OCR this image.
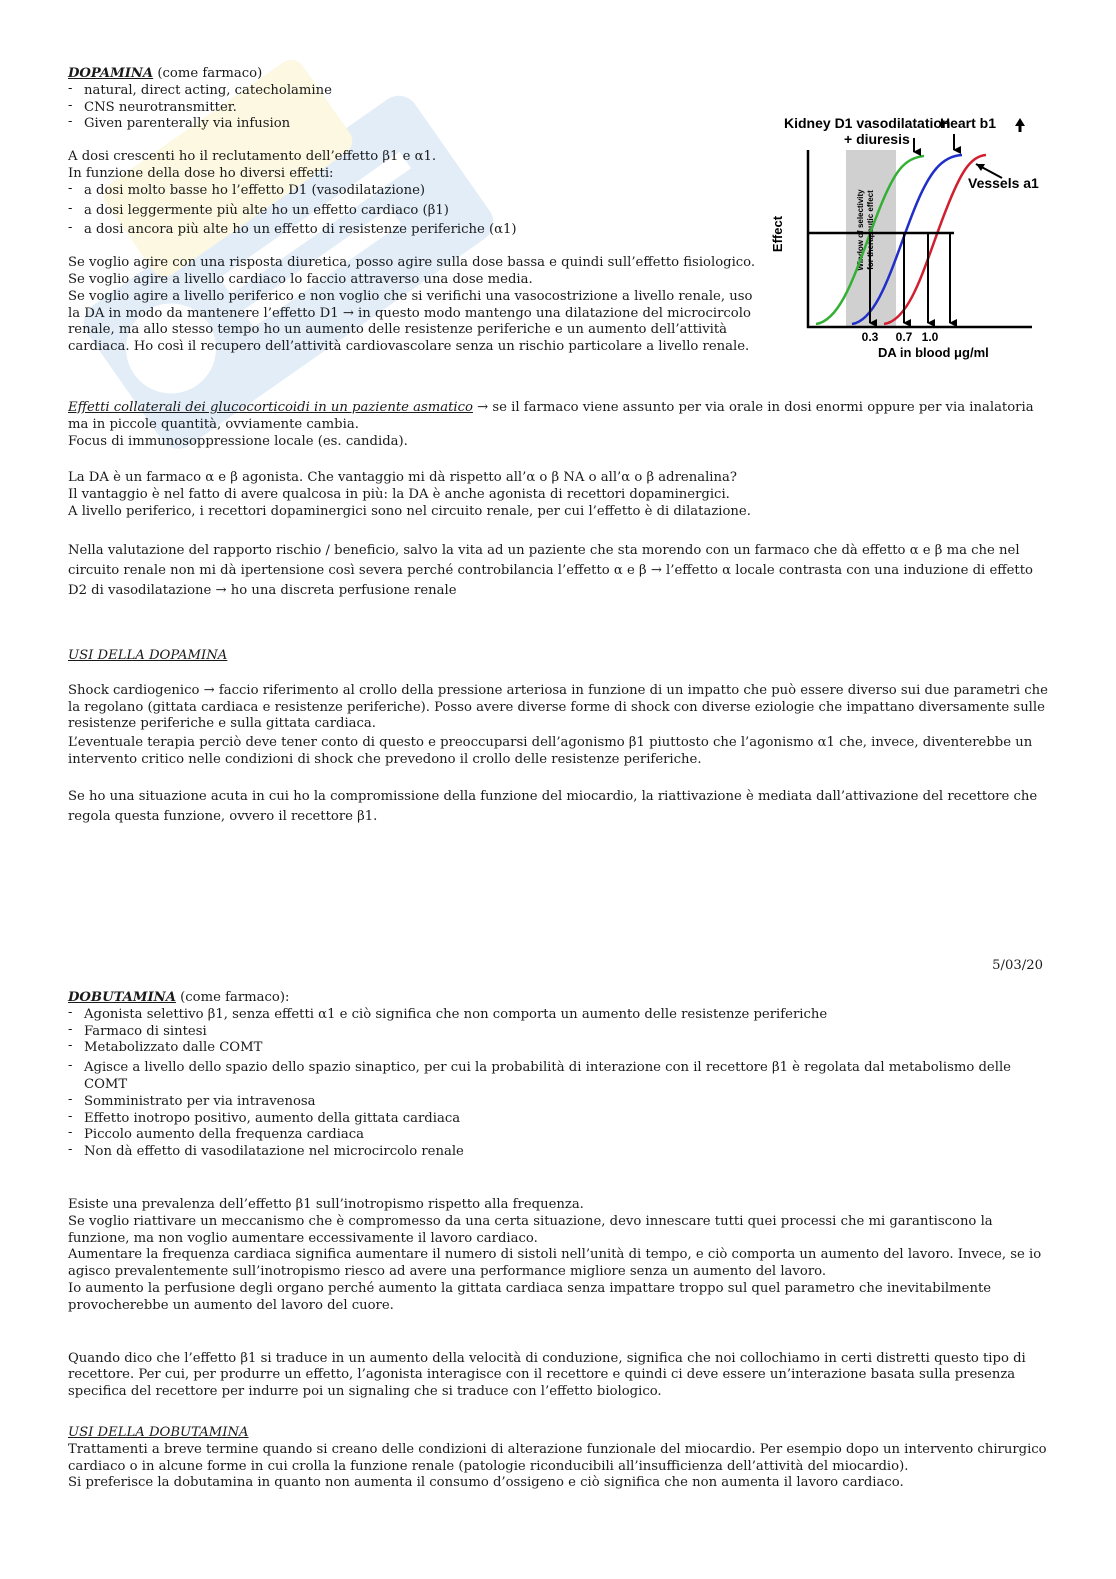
DOPAMINA (come farmaco)

- natural, direct acting, catecholamine
- CNS neurotransmitter.
- Given parenterally via infusion

A dosi crescenti ho il reclutamento dell’effetto β1 e α1.

In funzione della dose ho diversi effetti:

- a dosi molto basse ho l’effetto D1 (vasodilatazione)
- a dosi leggermente più alte ho un effetto cardiaco (β1)
- a dosi ancora più alte ho un effetto di resistenze periferiche (α1)

Se voglio agire con una risposta diuretica, posso agire sulla dose bassa e quindi sull’effetto fisiologico.

Se voglio agire a livello cardiaco lo faccio attraverso una dose media.

Se voglio agire a livello periferico e non voglio che si verifichi una vasocostrizione a livello renale, uso la DA in modo da mantenere l’effetto D1 → in questo modo mantengo una dilatazione del microcircolo renale, ma allo stesso tempo ho un aumento delle resistenze periferiche e un aumento dell’attività cardiaca. Ho così il recupero dell’attività cardiovascolare senza un rischio particolare a livello renale.

Window of selectivity for therapeutic effect
Kidney D1 vasodilatation
Heart b1
+ diuresis
Vessels a1
Effect
0.3 0.7 1.0
DA in blood μg/ml

Effetti collaterali dei glucocorticoidi in un paziente asmatico → se il farmaco viene assunto per via orale in dosi enormi oppure per via inalatoria ma in piccole quantità, ovviamente cambia.

Focus di immunosoppressione locale (es. candida).

La DA è un farmaco α e β agonista. Che vantaggio mi dà rispetto all’α o β NA o all’α o β adrenalina?

Il vantaggio è nel fatto di avere qualcosa in più: la DA è anche agonista di recettori dopaminergici.

A livello periferico, i recettori dopaminergici sono nel circuito renale, per cui l’effetto è di dilatazione.

Nella valutazione del rapporto rischio / beneficio, salvo la vita ad un paziente che sta morendo con un farmaco che dà effetto α e β ma che nel circuito renale non mi dà ipertensione così severa perché controbilancia l’effetto α e β → l’effetto α locale contrasta con una induzione di effetto D2 di vasodilatazione → ho una discreta perfusione renale

USI DELLA DOPAMINA

Shock cardiogenico → faccio riferimento al crollo della pressione arteriosa in funzione di un impatto che può essere diverso sui due parametri che la regolano (gittata cardiaca e resistenze periferiche). Posso avere diverse forme di shock con diverse eziologie che impattano diversamente sulle resistenze periferiche e sulla gittata cardiaca.

L’eventuale terapia perciò deve tener conto di questo e preoccuparsi dell’agonismo β1 piuttosto che l’agonismo α1 che, invece, diventerebbe un intervento critico nelle condizioni di shock che prevedono il crollo delle resistenze periferiche.

Se ho una situazione acuta in cui ho la compromissione della funzione del miocardio, la riattivazione è mediata dall’attivazione del recettore che regola questa funzione, ovvero il recettore β1.

5/03/20

DOBUTAMINA (come farmaco):

- Agonista selettivo β1, senza effetti α1 e ciò significa che non comporta un aumento delle resistenze periferiche
- Farmaco di sintesi
- Metabolizzato dalle COMT
- Agisce a livello dello spazio dello spazio sinaptico, per cui la probabilità di interazione con il recettore β1 è regolata dal metabolismo delle COMT
- Somministrato per via intravenosa
- Effetto inotropo positivo, aumento della gittata cardiaca
- Piccolo aumento della frequenza cardiaca
- Non dà effetto di vasodilatazione nel microcircolo renale

Esiste una prevalenza dell’effetto β1 sull’inotropismo rispetto alla frequenza.

Se voglio riattivare un meccanismo che è compromesso da una certa situazione, devo innescare tutti quei processi che mi garantiscono la funzione, ma non voglio aumentare eccessivamente il lavoro cardiaco.

Aumentare la frequenza cardiaca significa aumentare il numero di sistoli nell’unità di tempo, e ciò comporta un aumento del lavoro. Invece, se io agisco prevalentemente sull’inotropismo riesco ad avere una performance migliore senza un aumento del lavoro.

Io aumento la perfusione degli organo perché aumento la gittata cardiaca senza impattare troppo sul quel parametro che inevitabilmente provocherebbe un aumento del lavoro del cuore.

Quando dico che l’effetto β1 si traduce in un aumento della velocità di conduzione, significa che noi collochiamo in certi distretti questo tipo di recettore. Per cui, per produrre un effetto, l’agonista interagisce con il recettore e quindi ci deve essere un’interazione basata sulla presenza specifica del recettore per indurre poi un signaling che si traduce con l’effetto biologico.

USI DELLA DOBUTAMINA

Trattamenti a breve termine quando si creano delle condizioni di alterazione funzionale del miocardio. Per esempio dopo un intervento chirurgico cardiaco o in alcune forme in cui crolla la funzione renale (patologie riconducibili all’insufficienza dell’attività del miocardio).

Si preferisce la dobutamina in quanto non aumenta il consumo d’ossigeno e ciò significa che non aumenta il lavoro cardiaco.
